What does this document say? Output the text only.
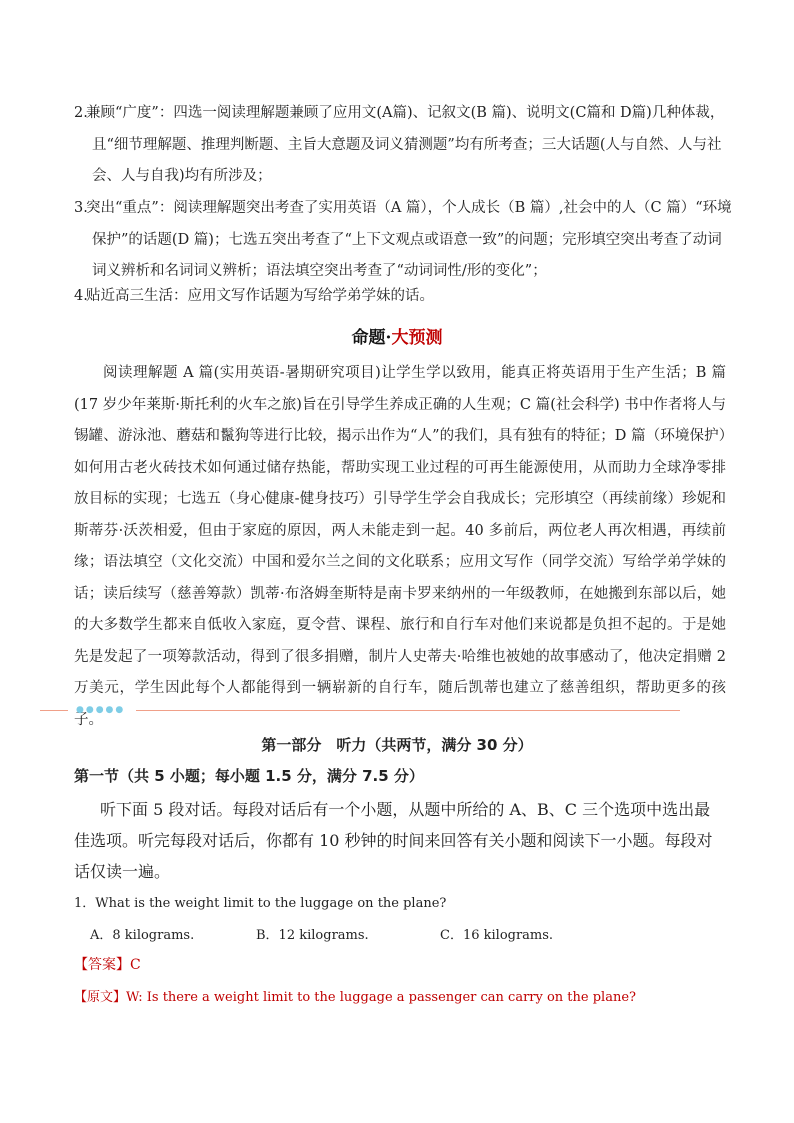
2.
兼顾“广度”：四选一阅读理解题兼顾了应用文(A篇)、记叙文(B 篇)、说明文(C篇和 D篇)几种体裁，且“细节理解题、推理判断题、主旨大意题及词义猜测题”均有所考查；三大话题(人与自然、人与社会、人与自我)均有所涉及；
3.
突出“重点”：阅读理解题突出考查了实用英语（A 篇），个人成长（B 篇）,社会中的人（C 篇）“环境保护”的话题(D 篇)；七选五突出考查了“上下文观点或语意一致”的问题；完形填空突出考查了动词词义辨析和名词词义辨析；语法填空突出考查了“动词词性/形的变化”；
4.
贴近高三生活：应用文写作话题为写给学弟学妹的话。
命题·大预测
阅读理解题 A 篇(实用英语-暑期研究项目)让学生学以致用，能真正将英语用于生产生活；B 篇(17 岁少年莱斯·斯托利的火车之旅)旨在引导学生养成正确的人生观；C 篇(社会科学) 书中作者将人与锡罐、游泳池、蘑菇和鬣狗等进行比较，揭示出作为“人”的我们，具有独有的特征；D 篇（环境保护）如何用古老火砖技术如何通过储存热能，帮助实现工业过程的可再生能源使用，从而助力全球净零排放目标的实现；七选五（身心健康-健身技巧）引导学生学会自我成长；完形填空（再续前缘）珍妮和斯蒂芬·沃茨相爱，但由于家庭的原因，两人未能走到一起。40 多前后，两位老人再次相遇，再续前缘；语法填空（文化交流）中国和爱尔兰之间的文化联系；应用文写作（同学交流）写给学弟学妹的话；读后续写（慈善筹款）凯蒂·布洛姆奎斯特是南卡罗来纳州的一年级教师，在她搬到东部以后，她的大多数学生都来自低收入家庭，夏令营、课程、旅行和自行车对他们来说都是负担不起的。于是她先是发起了一项筹款活动，得到了很多捐赠，制片人史蒂夫·哈维也被她的故事感动了，他决定捐赠 2 万美元，学生因此每个人都能得到一辆崭新的自行车，随后凯蒂也建立了慈善组织，帮助更多的孩子。
●●●●●
第一部分　听力（共两节，满分 30 分）
第一节（共 5 小题；每小题 1.5 分，满分 7.5 分）
听下面 5 段对话。每段对话后有一个小题，从题中所给的 A、B、C 三个选项中选出最佳选项。听完每段对话后，你都有 10 秒钟的时间来回答有关小题和阅读下一小题。每段对话仅读一遍。
1．What is the weight limit to the luggage on the plane?
A．8 kilograms.	B．12 kilograms.	C．16 kilograms.
【答案】C
【原文】W: Is there a weight limit to the luggage a passenger can carry on the plane?
